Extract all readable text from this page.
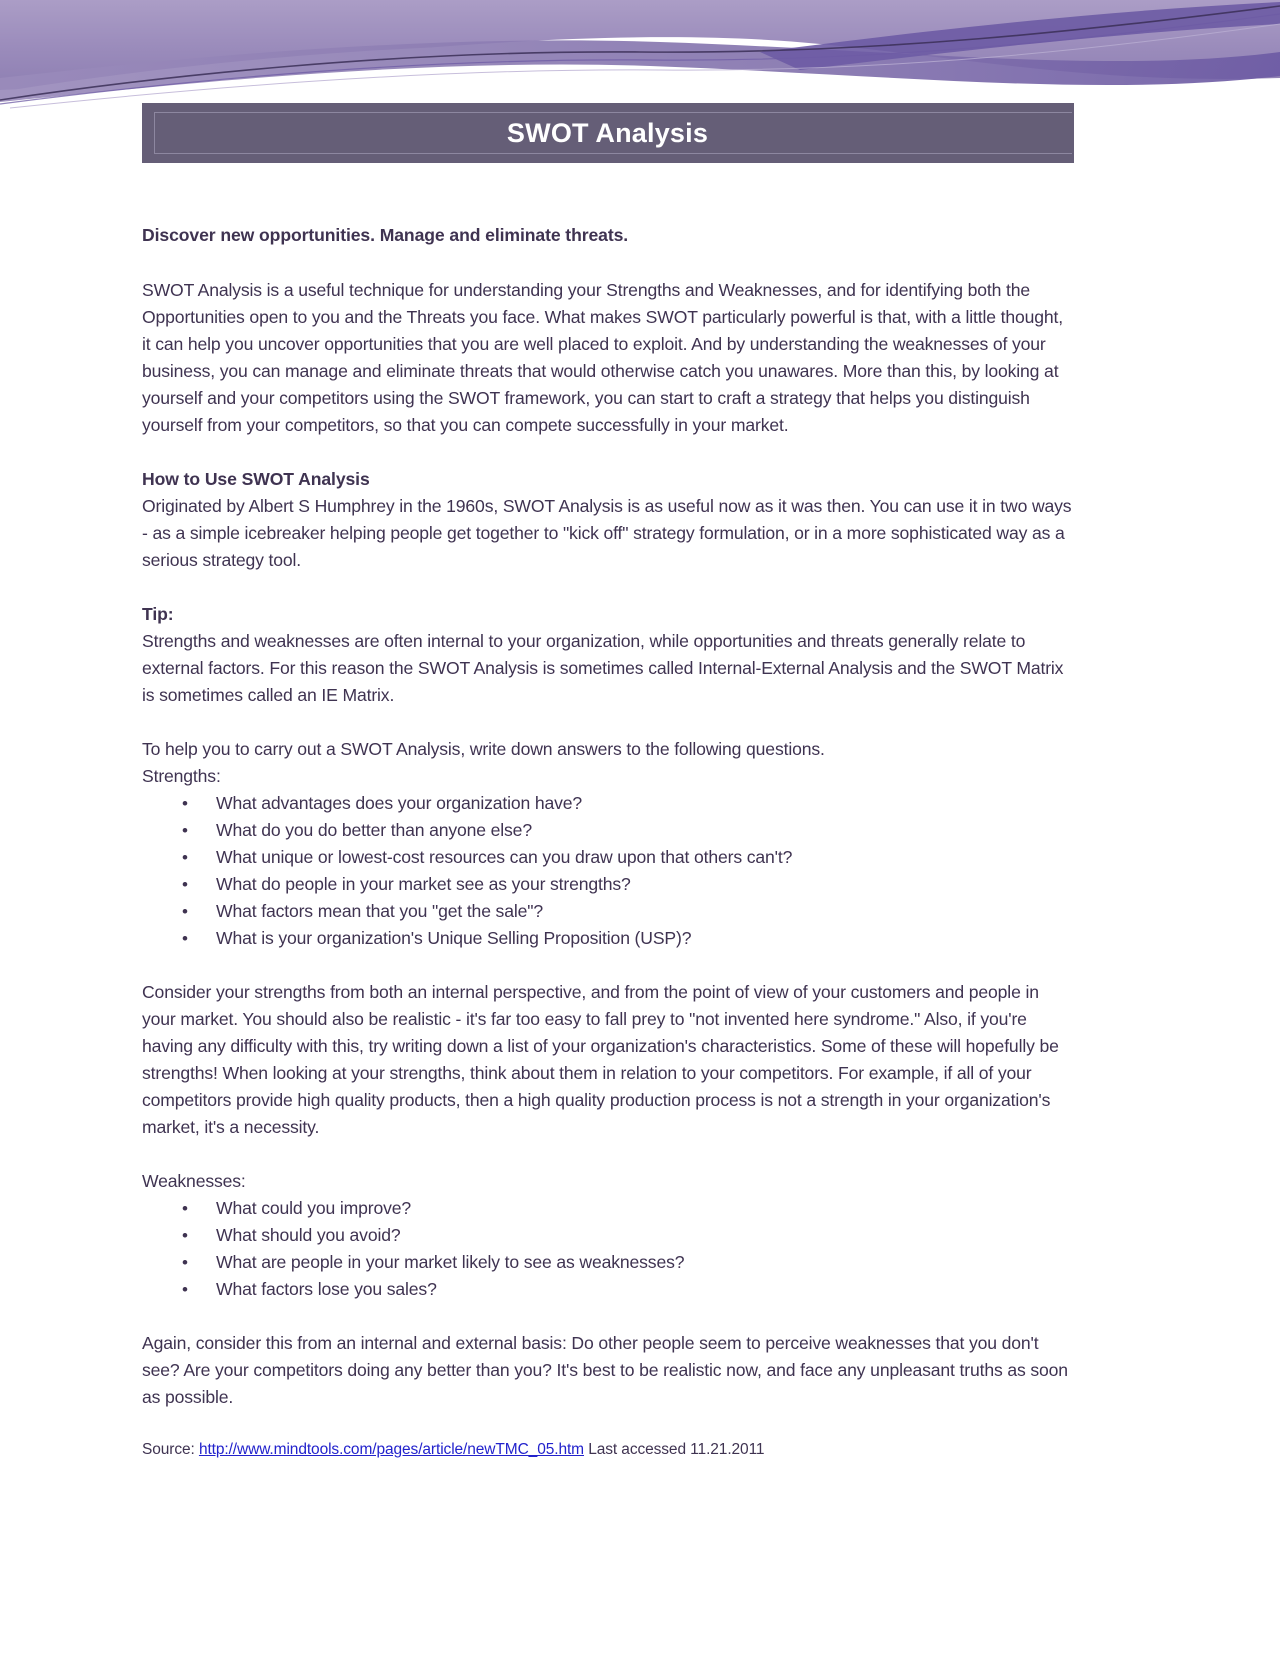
SWOT Analysis
Discover new opportunities. Manage and eliminate threats.

SWOT Analysis is a useful technique for understanding your Strengths and Weaknesses, and for identifying both the Opportunities open to you and the Threats you face. What makes SWOT particularly powerful is that, with a little thought, it can help you uncover opportunities that you are well placed to exploit. And by understanding the weaknesses of your business, you can manage and eliminate threats that would otherwise catch you unawares. More than this, by looking at yourself and your competitors using the SWOT framework, you can start to craft a strategy that helps you distinguish yourself from your competitors, so that you can compete successfully in your market.

How to Use SWOT Analysis

Originated by Albert S Humphrey in the 1960s, SWOT Analysis is as useful now as it was then. You can use it in two ways - as a simple icebreaker helping people get together to "kick off" strategy formulation, or in a more sophisticated way as a serious strategy tool.

Tip:

Strengths and weaknesses are often internal to your organization, while opportunities and threats generally relate to external factors. For this reason the SWOT Analysis is sometimes called Internal-External Analysis and the SWOT Matrix is sometimes called an IE Matrix.

To help you to carry out a SWOT Analysis, write down answers to the following questions.

Strengths:

• What advantages does your organization have?
• What do you do better than anyone else?
• What unique or lowest-cost resources can you draw upon that others can't?
• What do people in your market see as your strengths?
• What factors mean that you "get the sale"?
• What is your organization's Unique Selling Proposition (USP)?

Consider your strengths from both an internal perspective, and from the point of view of your customers and people in your market. You should also be realistic - it's far too easy to fall prey to "not invented here syndrome." Also, if you're having any difficulty with this, try writing down a list of your organization's characteristics. Some of these will hopefully be strengths! When looking at your strengths, think about them in relation to your competitors. For example, if all of your competitors provide high quality products, then a high quality production process is not a strength in your organization's market, it's a necessity.

Weaknesses:

• What could you improve?
• What should you avoid?
• What are people in your market likely to see as weaknesses?
• What factors lose you sales?

Again, consider this from an internal and external basis: Do other people seem to perceive weaknesses that you don't see? Are your competitors doing any better than you? It's best to be realistic now, and face any unpleasant truths as soon as possible.

Source: http://www.mindtools.com/pages/article/newTMC_05.htm Last accessed 11.21.2011
